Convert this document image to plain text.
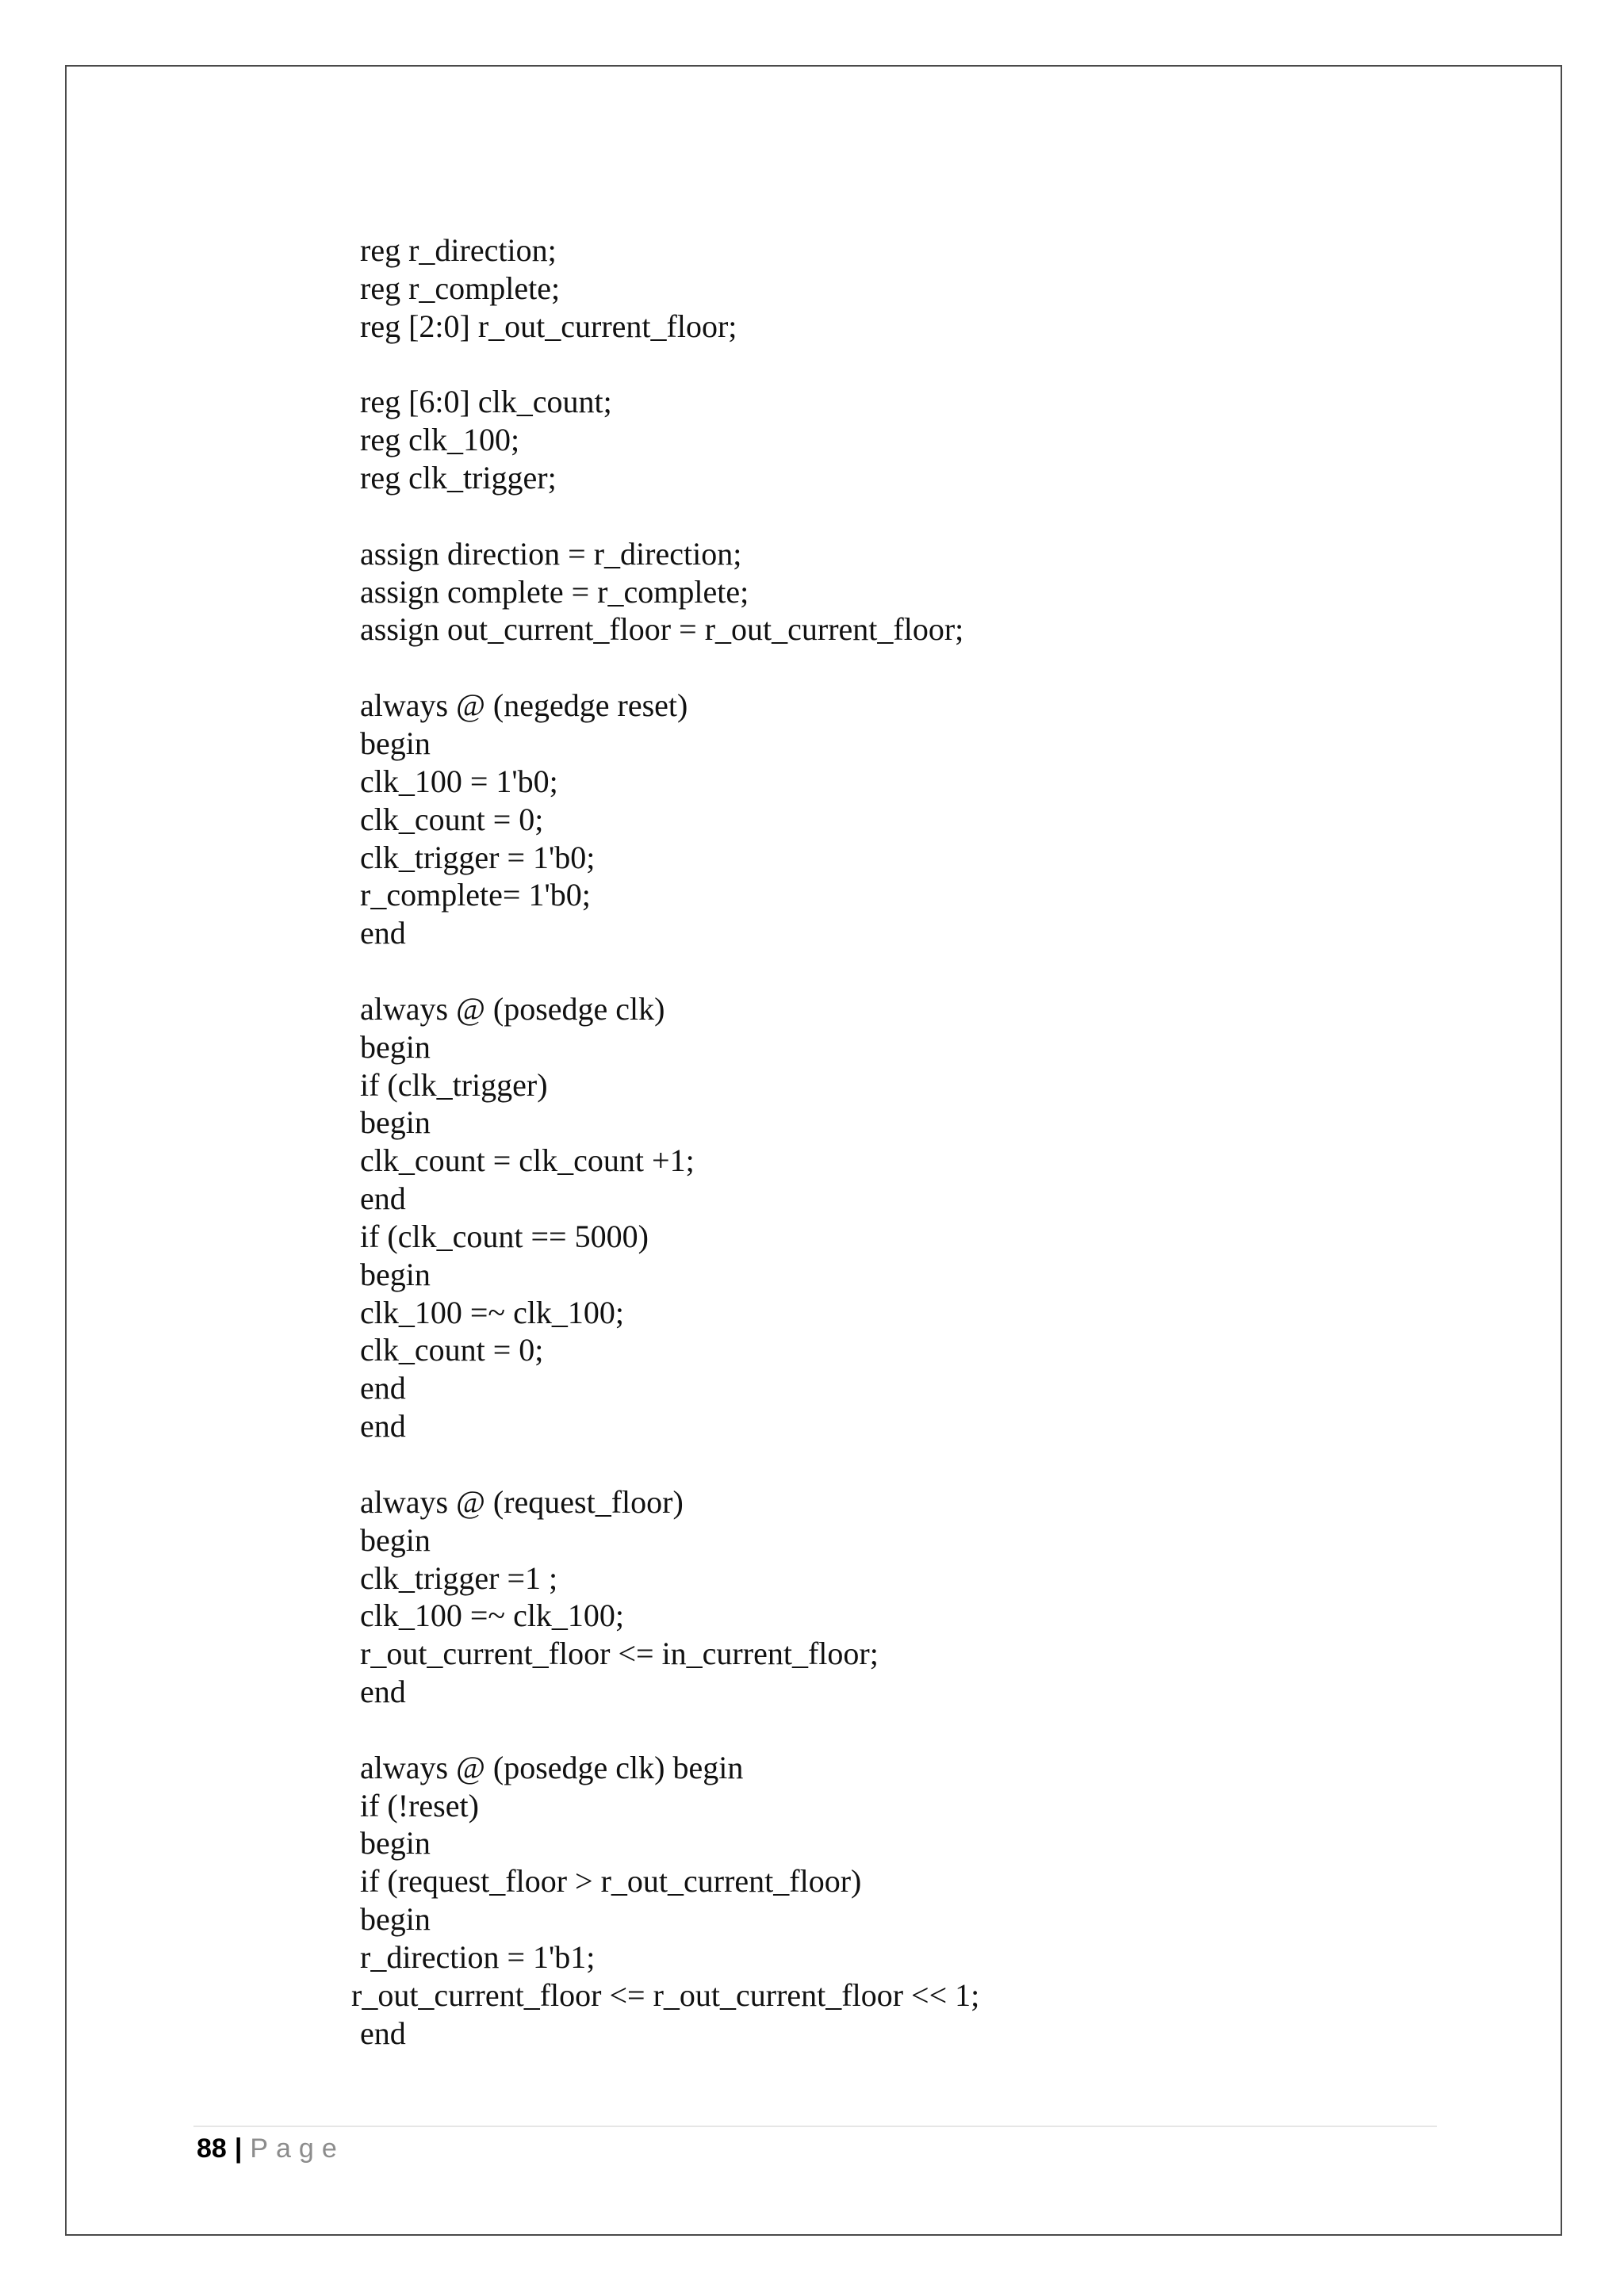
reg r_direction;
reg r_complete;
reg [2:0] r_out_current_floor;
reg [6:0] clk_count;
reg clk_100;
reg clk_trigger;
assign direction = r_direction;
assign complete = r_complete;
assign out_current_floor = r_out_current_floor;
always @ (negedge reset)
begin
clk_100 = 1'b0;
clk_count = 0;
clk_trigger = 1'b0;
r_complete= 1'b0;
end
always @ (posedge clk)
begin
if (clk_trigger)
begin
clk_count = clk_count +1;
end
if (clk_count == 5000)
begin
clk_100 =~ clk_100;
clk_count = 0;
end
end
always @ (request_floor)
begin
clk_trigger =1 ;
clk_100 =~ clk_100;
r_out_current_floor <= in_current_floor;
end
always @ (posedge clk) begin
if (!reset)
begin
if (request_floor > r_out_current_floor)
begin
r_direction = 1'b1;
r_out_current_floor <= r_out_current_floor << 1;
end
88 | Page
